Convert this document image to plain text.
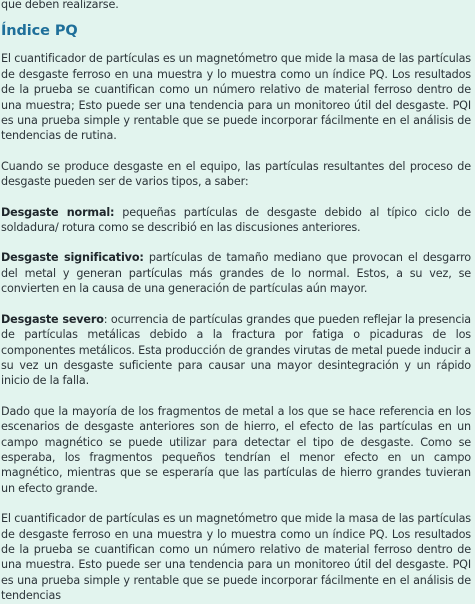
que deben realizarse.

Índice PQ

El cuantificador de partículas es un magnetómetro que mide la masa de las partículas de desgaste ferroso en una muestra y lo muestra como un índice PQ. Los resultados de la prueba se cuantifican como un número relativo de material ferroso dentro de una muestra; Esto puede ser una tendencia para un monitoreo útil del desgaste. PQI es una prueba simple y rentable que se puede incorporar fácilmente en el análisis de tendencias de rutina.

Cuando se produce desgaste en el equipo, las partículas resultantes del proceso de desgaste pueden ser de varios tipos, a saber:

Desgaste normal: pequeñas partículas de desgaste debido al típico ciclo de soldadura/ rotura como se describió en las discusiones anteriores.

Desgaste significativo: partículas de tamaño mediano que provocan el desgarro del metal y generan partículas más grandes de lo normal. Estos, a su vez, se convierten en la causa de una generación de partículas aún mayor.

Desgaste severo: ocurrencia de partículas grandes que pueden reflejar la presencia de partículas metálicas debido a la fractura por fatiga o picaduras de los componentes metálicos. Esta producción de grandes virutas de metal puede inducir a su vez un desgaste suficiente para causar una mayor desintegración y un rápido inicio de la falla.

Dado que la mayoría de los fragmentos de metal a los que se hace referencia en los escenarios de desgaste anteriores son de hierro, el efecto de las partículas en un campo magnético se puede utilizar para detectar el tipo de desgaste. Como se esperaba, los fragmentos pequeños tendrían el menor efecto en un campo magnético, mientras que se esperaría que las partículas de hierro grandes tuvieran un efecto grande.

El cuantificador de partículas es un magnetómetro que mide la masa de las partículas de desgaste ferroso en una muestra y lo muestra como un índice PQ. Los resultados de la prueba se cuantifican como un número relativo de material ferroso dentro de una muestra. Esto puede ser una tendencia para un monitoreo útil del desgaste. PQI es una prueba simple y rentable que se puede incorporar fácilmente en el análisis de tendencias
